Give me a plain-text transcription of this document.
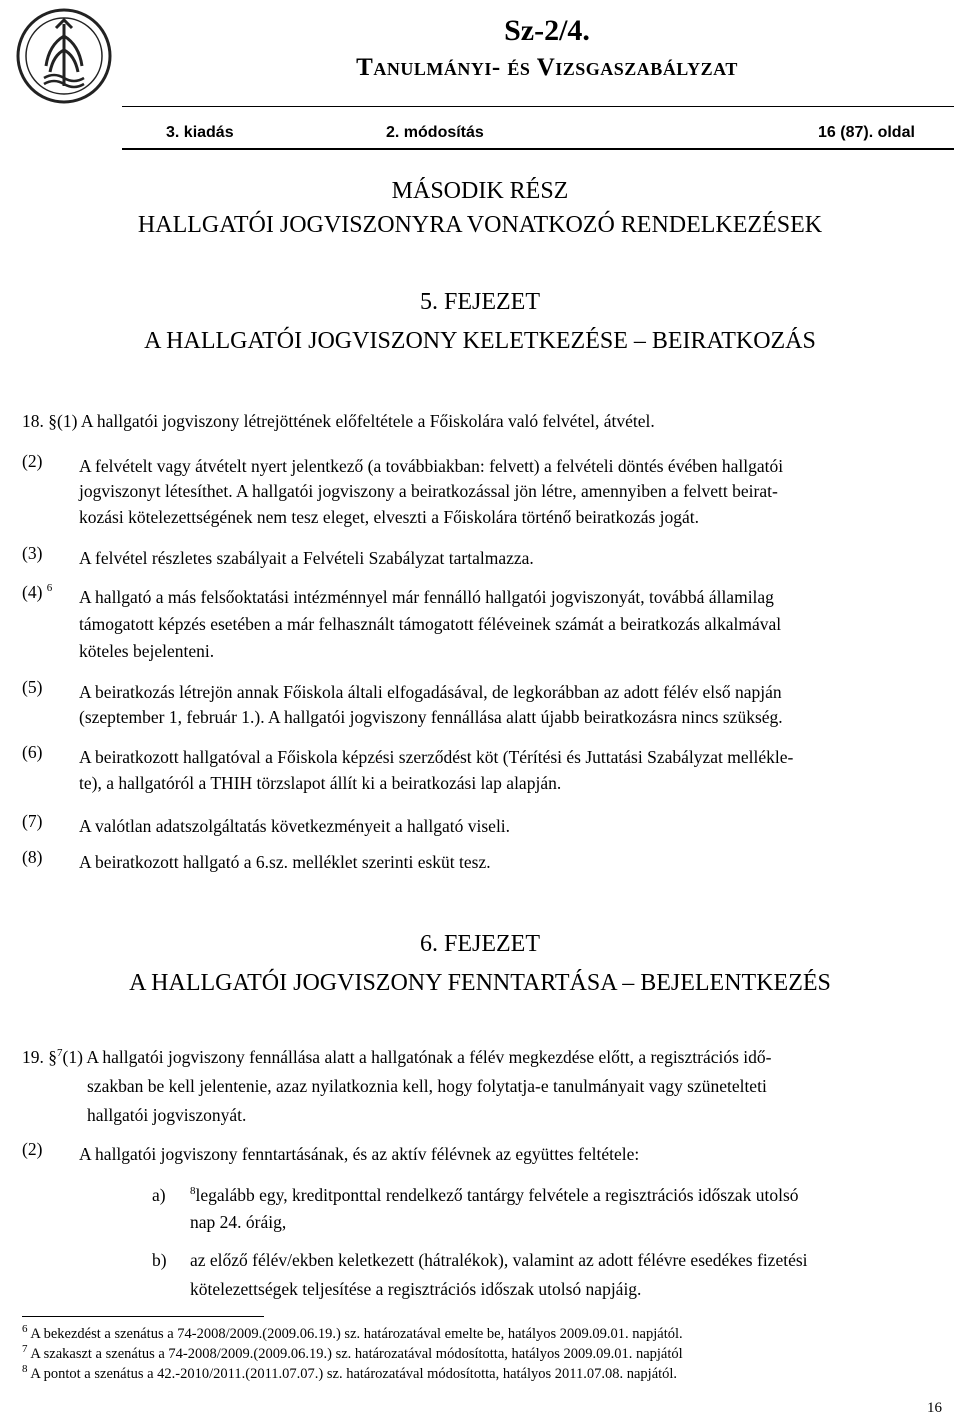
Sz-2/4.
Tanulmányi- és Vizsgaszabályzat
3. kiadás	2. módosítás	16 (87). oldal
MÁSODIK RÉSZ
HALLGATÓI JOGVISZONYRA VONATKOZÓ RENDELKEZÉSEK
5. FEJEZET
A HALLGATÓI JOGVISZONY KELETKEZÉSE – BEIRATKOZÁS
18. §(1) A hallgatói jogviszony létrejöttének előfeltétele a Főiskolára való felvétel, átvétel.
(2) A felvételt vagy átvételt nyert jelentkező (a továbbiakban: felvett) a felvételi döntés évében hallgatói
jogviszonyt létesíthet. A hallgatói jogviszony a beiratkozással jön létre, amennyiben a felvett beirat-
kozási kötelezettségének nem tesz eleget, elveszti a Főiskolára történő beiratkozás jogát.
(3) A felvétel részletes szabályait a Felvételi Szabályzat tartalmazza.
(4) $^6$ A hallgató a más felsőoktatási intézménnyel már fennálló hallgatói jogviszonyát, továbbá államilag
támogatott képzés esetében a már felhasznált támogatott féléveinek számát a beiratkozás alkalmával
köteles bejelenteni.
(5) A beiratkozás létrejön annak Főiskola általi elfogadásával, de legkorábban az adott félév első napján
(szeptember 1, február 1.). A hallgatói jogviszony fennállása alatt újabb beiratkozásra nincs szükség.
(6) A beiratkozott hallgatóval a Főiskola képzési szerződést köt (Térítési és Juttatási Szabályzat mellékle-
te), a hallgatóról a THIH törzslapot állít ki a beiratkozási lap alapján.
(7) A valótlan adatszolgáltatás következményeit a hallgató viseli.
(8) A beiratkozott hallgató a 6.sz. melléklet szerinti esküt tesz.
6. FEJEZET
A HALLGATÓI JOGVISZONY FENNTARTÁSA – BEJELENTKEZÉS
19. §$^7$(1) A hallgatói jogviszony fennállása alatt a hallgatónak a félév megkezdése előtt, a regisztrációs idő-
szakban be kell jelentenie, azaz nyilatkoznia kell, hogy folytatja-e tanulmányait vagy szünetelteti
hallgatói jogviszonyát.
(2) A hallgatói jogviszony fenntartásának, és az aktív félévnek az együttes feltétele:
a) $^8$legalább egy, kreditponttal rendelkező tantárgy felvétele a regisztrációs időszak utolsó
nap 24. óráig,
b) az előző félév/ekben keletkezett (hátralékok), valamint az adott félévre esedékes fizetési
kötelezettségek teljesítése a regisztrációs időszak utolsó napjáig.
$^6$ A bekezdést a szenátus a 74-2008/2009.(2009.06.19.) sz. határozatával emelte be, hatályos 2009.09.01. napjától.
$^7$ A szakaszt a szenátus a 74-2008/2009.(2009.06.19.) sz. határozatával módosította, hatályos 2009.09.01. napjától
$^8$ A pontot a szenátus a 42.-2010/2011.(2011.07.07.) sz. határozatával módosította, hatályos 2011.07.08. napjától.
16
